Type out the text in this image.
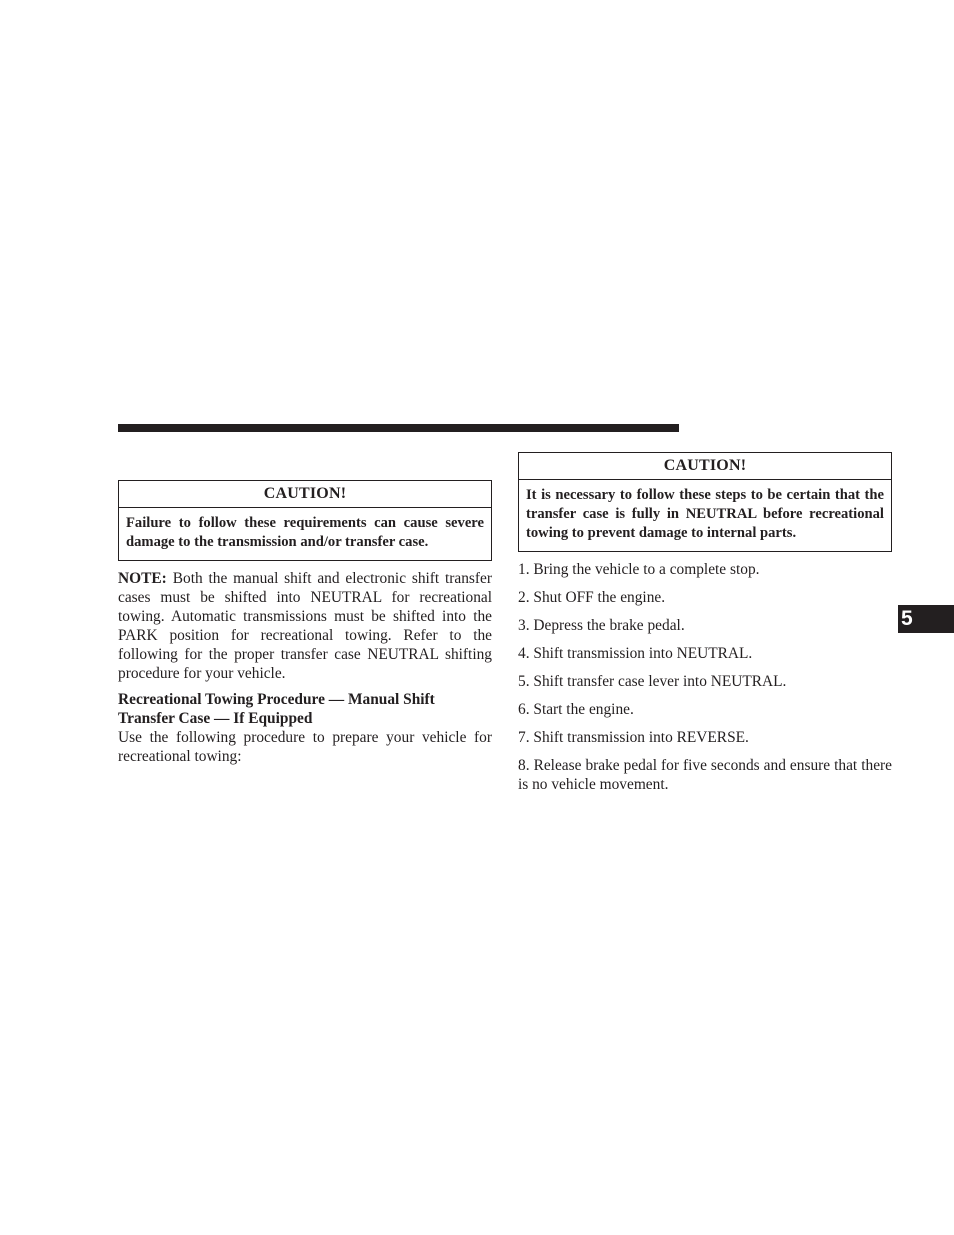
CAUTION!
Failure to follow these requirements can cause severe damage to the transmission and/or transfer case.
NOTE: Both the manual shift and electronic shift transfer cases must be shifted into NEUTRAL for recreational towing. Automatic transmissions must be shifted into the PARK position for recreational towing. Refer to the following for the proper transfer case NEUTRAL shifting procedure for your vehicle.
Recreational Towing Procedure — Manual Shift Transfer Case — If Equipped
Use the following procedure to prepare your vehicle for recreational towing:
CAUTION!
It is necessary to follow these steps to be certain that the transfer case is fully in NEUTRAL before recreational towing to prevent damage to internal parts.
1. Bring the vehicle to a complete stop.
2. Shut OFF the engine.
3. Depress the brake pedal.
4. Shift transmission into NEUTRAL.
5. Shift transfer case lever into NEUTRAL.
6. Start the engine.
7. Shift transmission into REVERSE.
8. Release brake pedal for five seconds and ensure that there is no vehicle movement.
5
